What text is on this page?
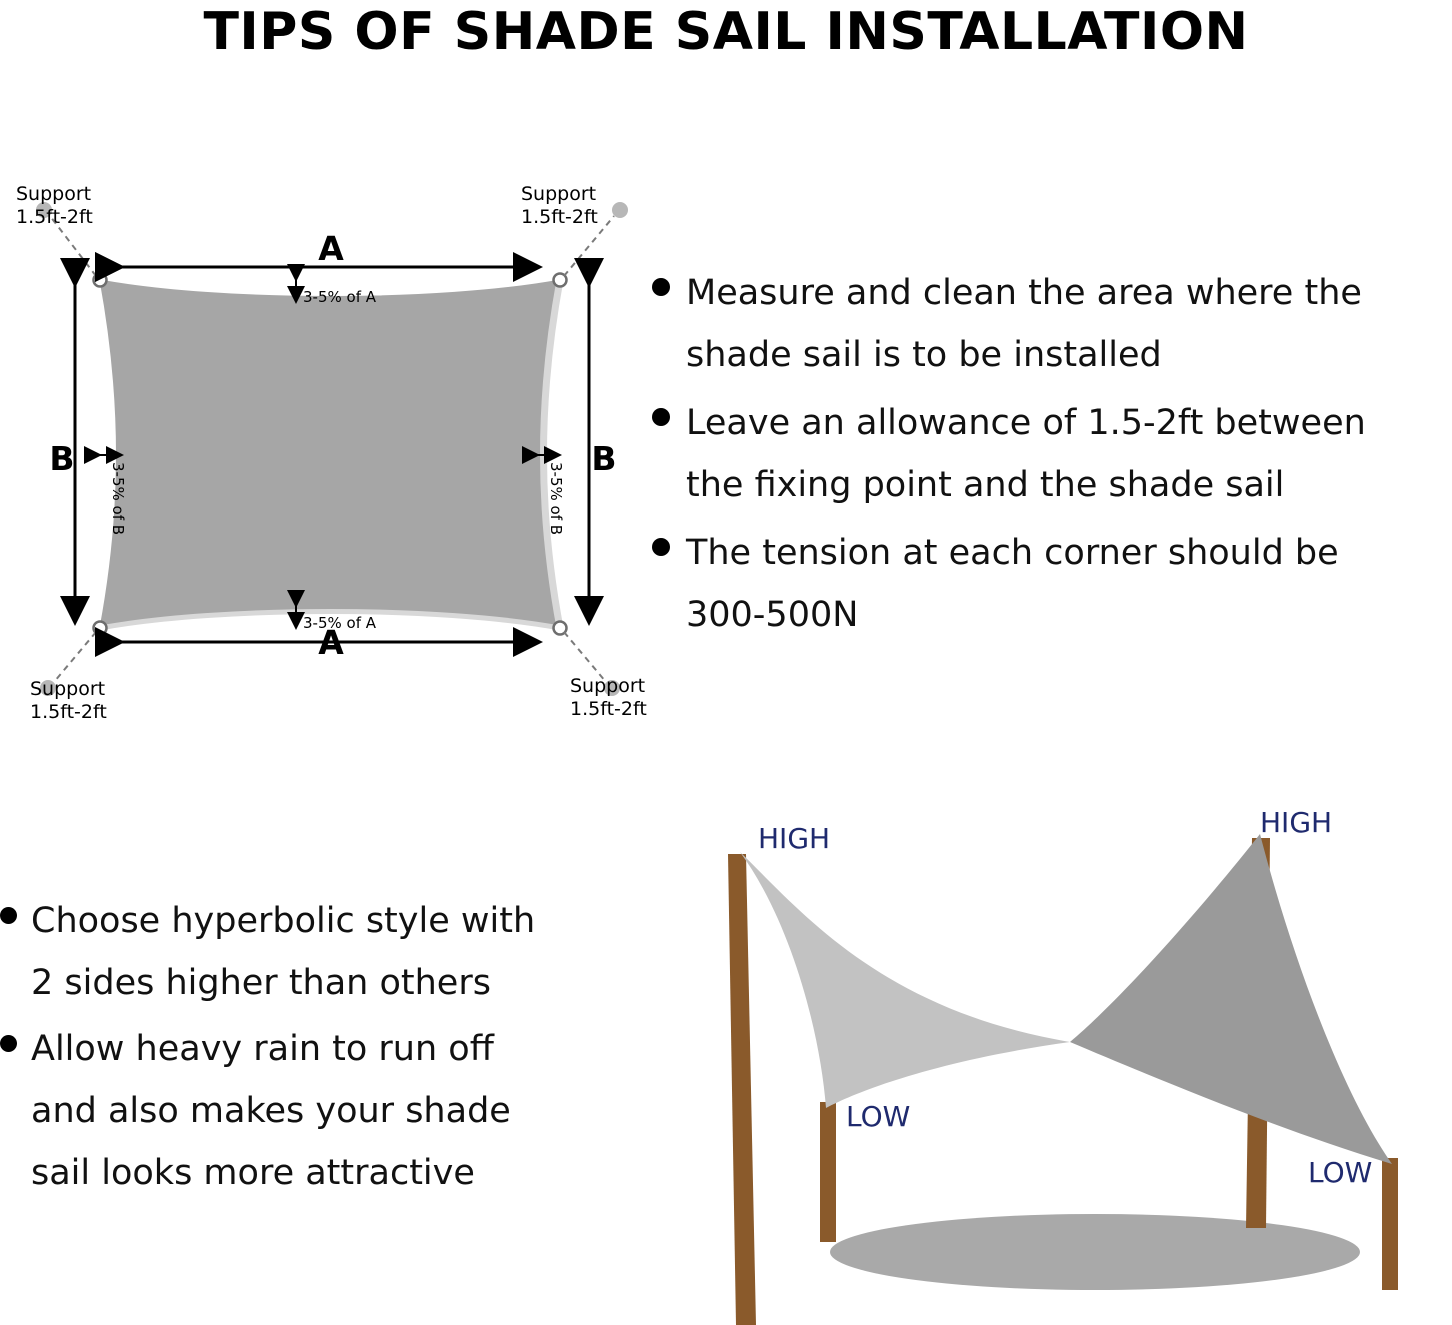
TIPS OF SHADE SAIL INSTALLATION
A
3-5% of A
A
3-5% of A
B
3-5% of B
B
3-5% of B
Support
1.5ft-2ft
Support
1.5ft-2ft
Support
1.5ft-2ft
Support
1.5ft-2ft
Measure and clean the area where the
shade sail is to be installed
Leave an allowance of 1.5-2ft between
the fixing point and the shade sail
The tension at each corner should be
300-500N
Choose hyperbolic style with
2 sides higher than others
Allow heavy rain to run off
and also makes your shade
sail looks more attractive
HIGH	HIGH
LOW
LOW
